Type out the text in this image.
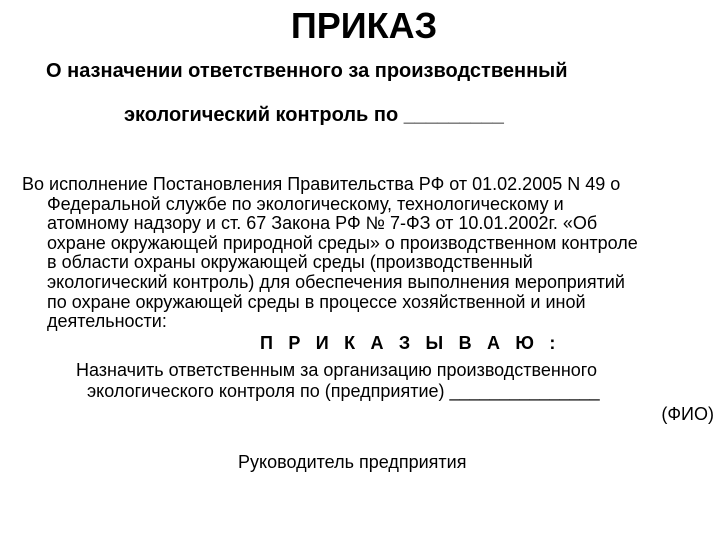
ПРИКАЗ
О назначении ответственного за производственный
экологический контроль по _________
Во исполнение Постановления Правительства РФ от 01.02.2005 N 49 о
Федеральной службе по экологическому, технологическому и
атомному надзору и ст. 67 Закона РФ № 7-ФЗ от 10.01.2002г. «Об
охране окружающей природной среды» о производственном контроле
в области охраны окружающей среды (производственный
экологический контроль) для обеспечения выполнения мероприятий
по охране окружающей среды в процессе хозяйственной и иной
деятельности:
П Р И К А З Ы В А Ю :
Назначить ответственным за организацию производственного
экологического контроля по (предприятие) _______________
(ФИО)
Руководитель предприятия
